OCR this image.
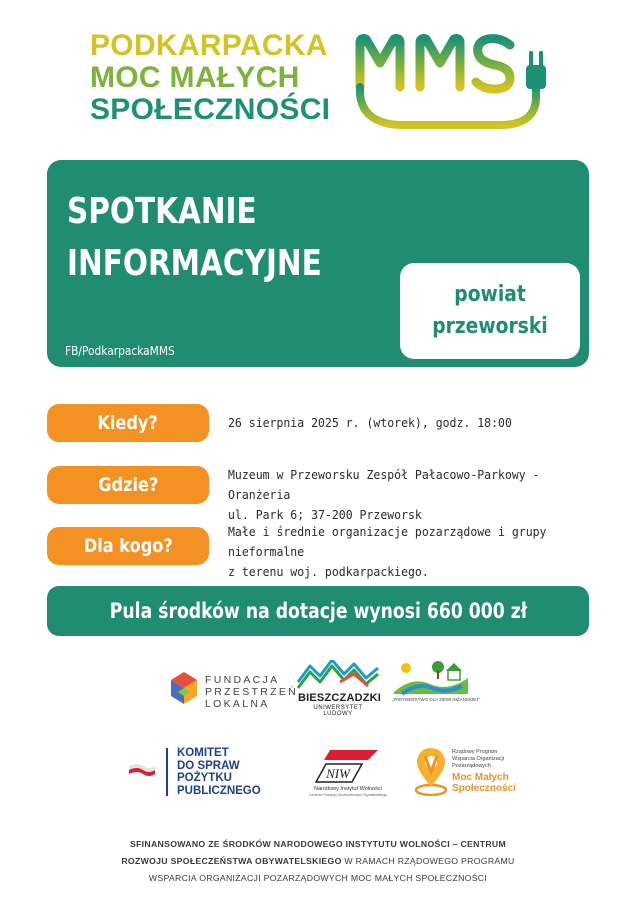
PODKARPACKA
MOC MAŁYCH
SPOŁECZNOŚCI
SPOTKANIE
INFORMACYJNE
FB/PodkarpackaMMS
powiat
przeworski
Kiedy?	26 sierpnia 2025 r. (wtorek), godz. 18:00
Gdzie?	Muzeum w Przeworsku Zespół Pałacowo-Parkowy - Oranżeria
ul. Park 6; 37-200 Przeworsk
Dla kogo?
Małe i średnie organizacje pozarządowe i grupy nieformalne
z terenu woj. podkarpackiego.
Pula środków na dotacje wynosi 660 000 zł
FUNDACJA
PRZESTRZEŃ
LOKALNA	BIESZCZADZKI
UNIWERSYTET LUDOWY
„PARTNERSTWO DLA ZIEMI NIŻAŃSKIEJ"
KOMITET
DO SPRAW
POŻYTKU
PUBLICZNEGO
NIW
Narodowy Instytut Wolności
Centrum Rozwoju Społeczeństwa Obywatelskiego
Rządowy Program
Wsparcia Organizacji
Pozarządowych
Moc Małych
Społeczności
SFINANSOWANO ZE ŚRODKÓW NARODOWEGO INSTYTUTU WOLNOŚCI – CENTRUM
ROZWOJU SPOŁECZEŃSTWA OBYWATELSKIEGO W RAMACH RZĄDOWEGO PROGRAMU
WSPARCIA ORGANIZACJI POZARZĄDOWYCH MOC MAŁYCH SPOŁECZNOŚCI
